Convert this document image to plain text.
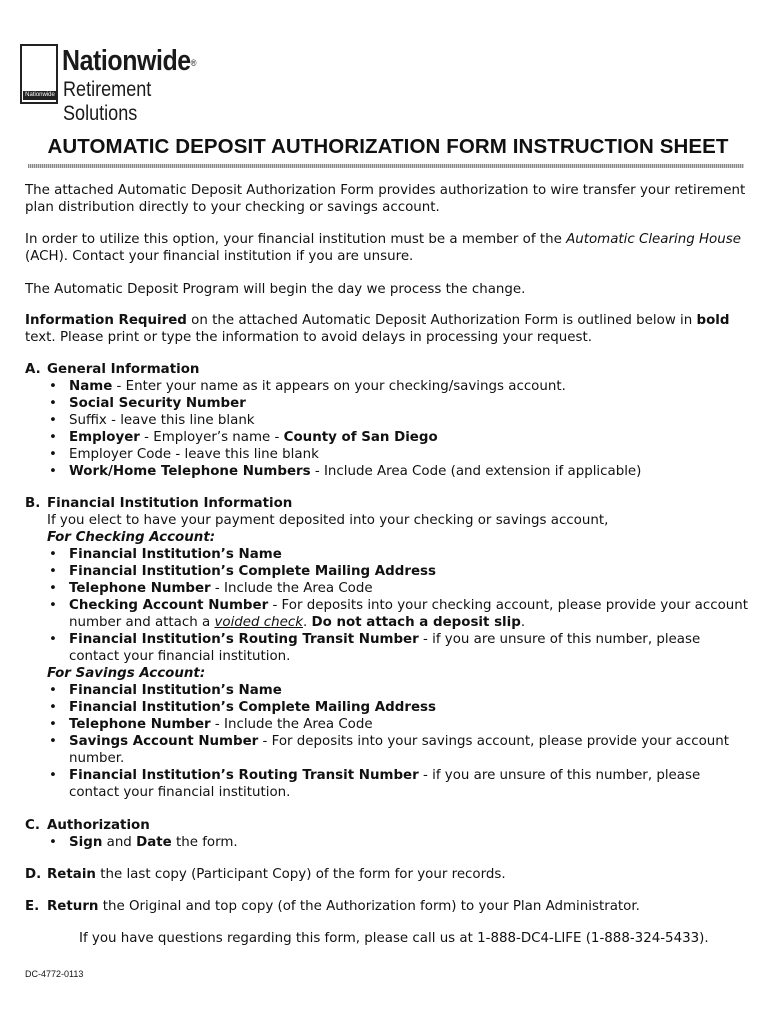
Nationwide
Nationwide®
Retirement Solutions
AUTOMATIC DEPOSIT AUTHORIZATION FORM INSTRUCTION SHEET

The attached Automatic Deposit Authorization Form provides authorization to wire transfer your retirement plan distribution directly to your checking or savings account.

In order to utilize this option, your financial institution must be a member of the Automatic Clearing House (ACH). Contact your financial institution if you are unsure.

The Automatic Deposit Program will begin the day we process the change.

Information Required on the attached Automatic Deposit Authorization Form is outlined below in bold text. Please print or type the information to avoid delays in processing your request.

A. General Information
• Name - Enter your name as it appears on your checking/savings account.
• Social Security Number
• Suffix - leave this line blank
• Employer - Employer’s name - County of San Diego
• Employer Code - leave this line blank
• Work/Home Telephone Numbers - Include Area Code (and extension if applicable)
B. Financial Institution Information
If you elect to have your payment deposited into your checking or savings account,
For Checking Account:
• Financial Institution’s Name
• Financial Institution’s Complete Mailing Address
• Telephone Number - Include the Area Code
• Checking Account Number - For deposits into your checking account, please provide your account number and attach a voided check. Do not attach a deposit slip.
• Financial Institution’s Routing Transit Number - if you are unsure of this number, please contact your financial institution.
For Savings Account:
• Financial Institution’s Name
• Financial Institution’s Complete Mailing Address
• Telephone Number - Include the Area Code
• Savings Account Number - For deposits into your savings account, please provide your account number.
• Financial Institution’s Routing Transit Number - if you are unsure of this number, please contact your financial institution.
C. Authorization
• Sign and Date the form.
D. Retain the last copy (Participant Copy) of the form for your records.
E. Return the Original and top copy (of the Authorization form) to your Plan Administrator.
If you have questions regarding this form, please call us at 1-888-DC4-LIFE (1-888-324-5433).
DC-4772-0113
